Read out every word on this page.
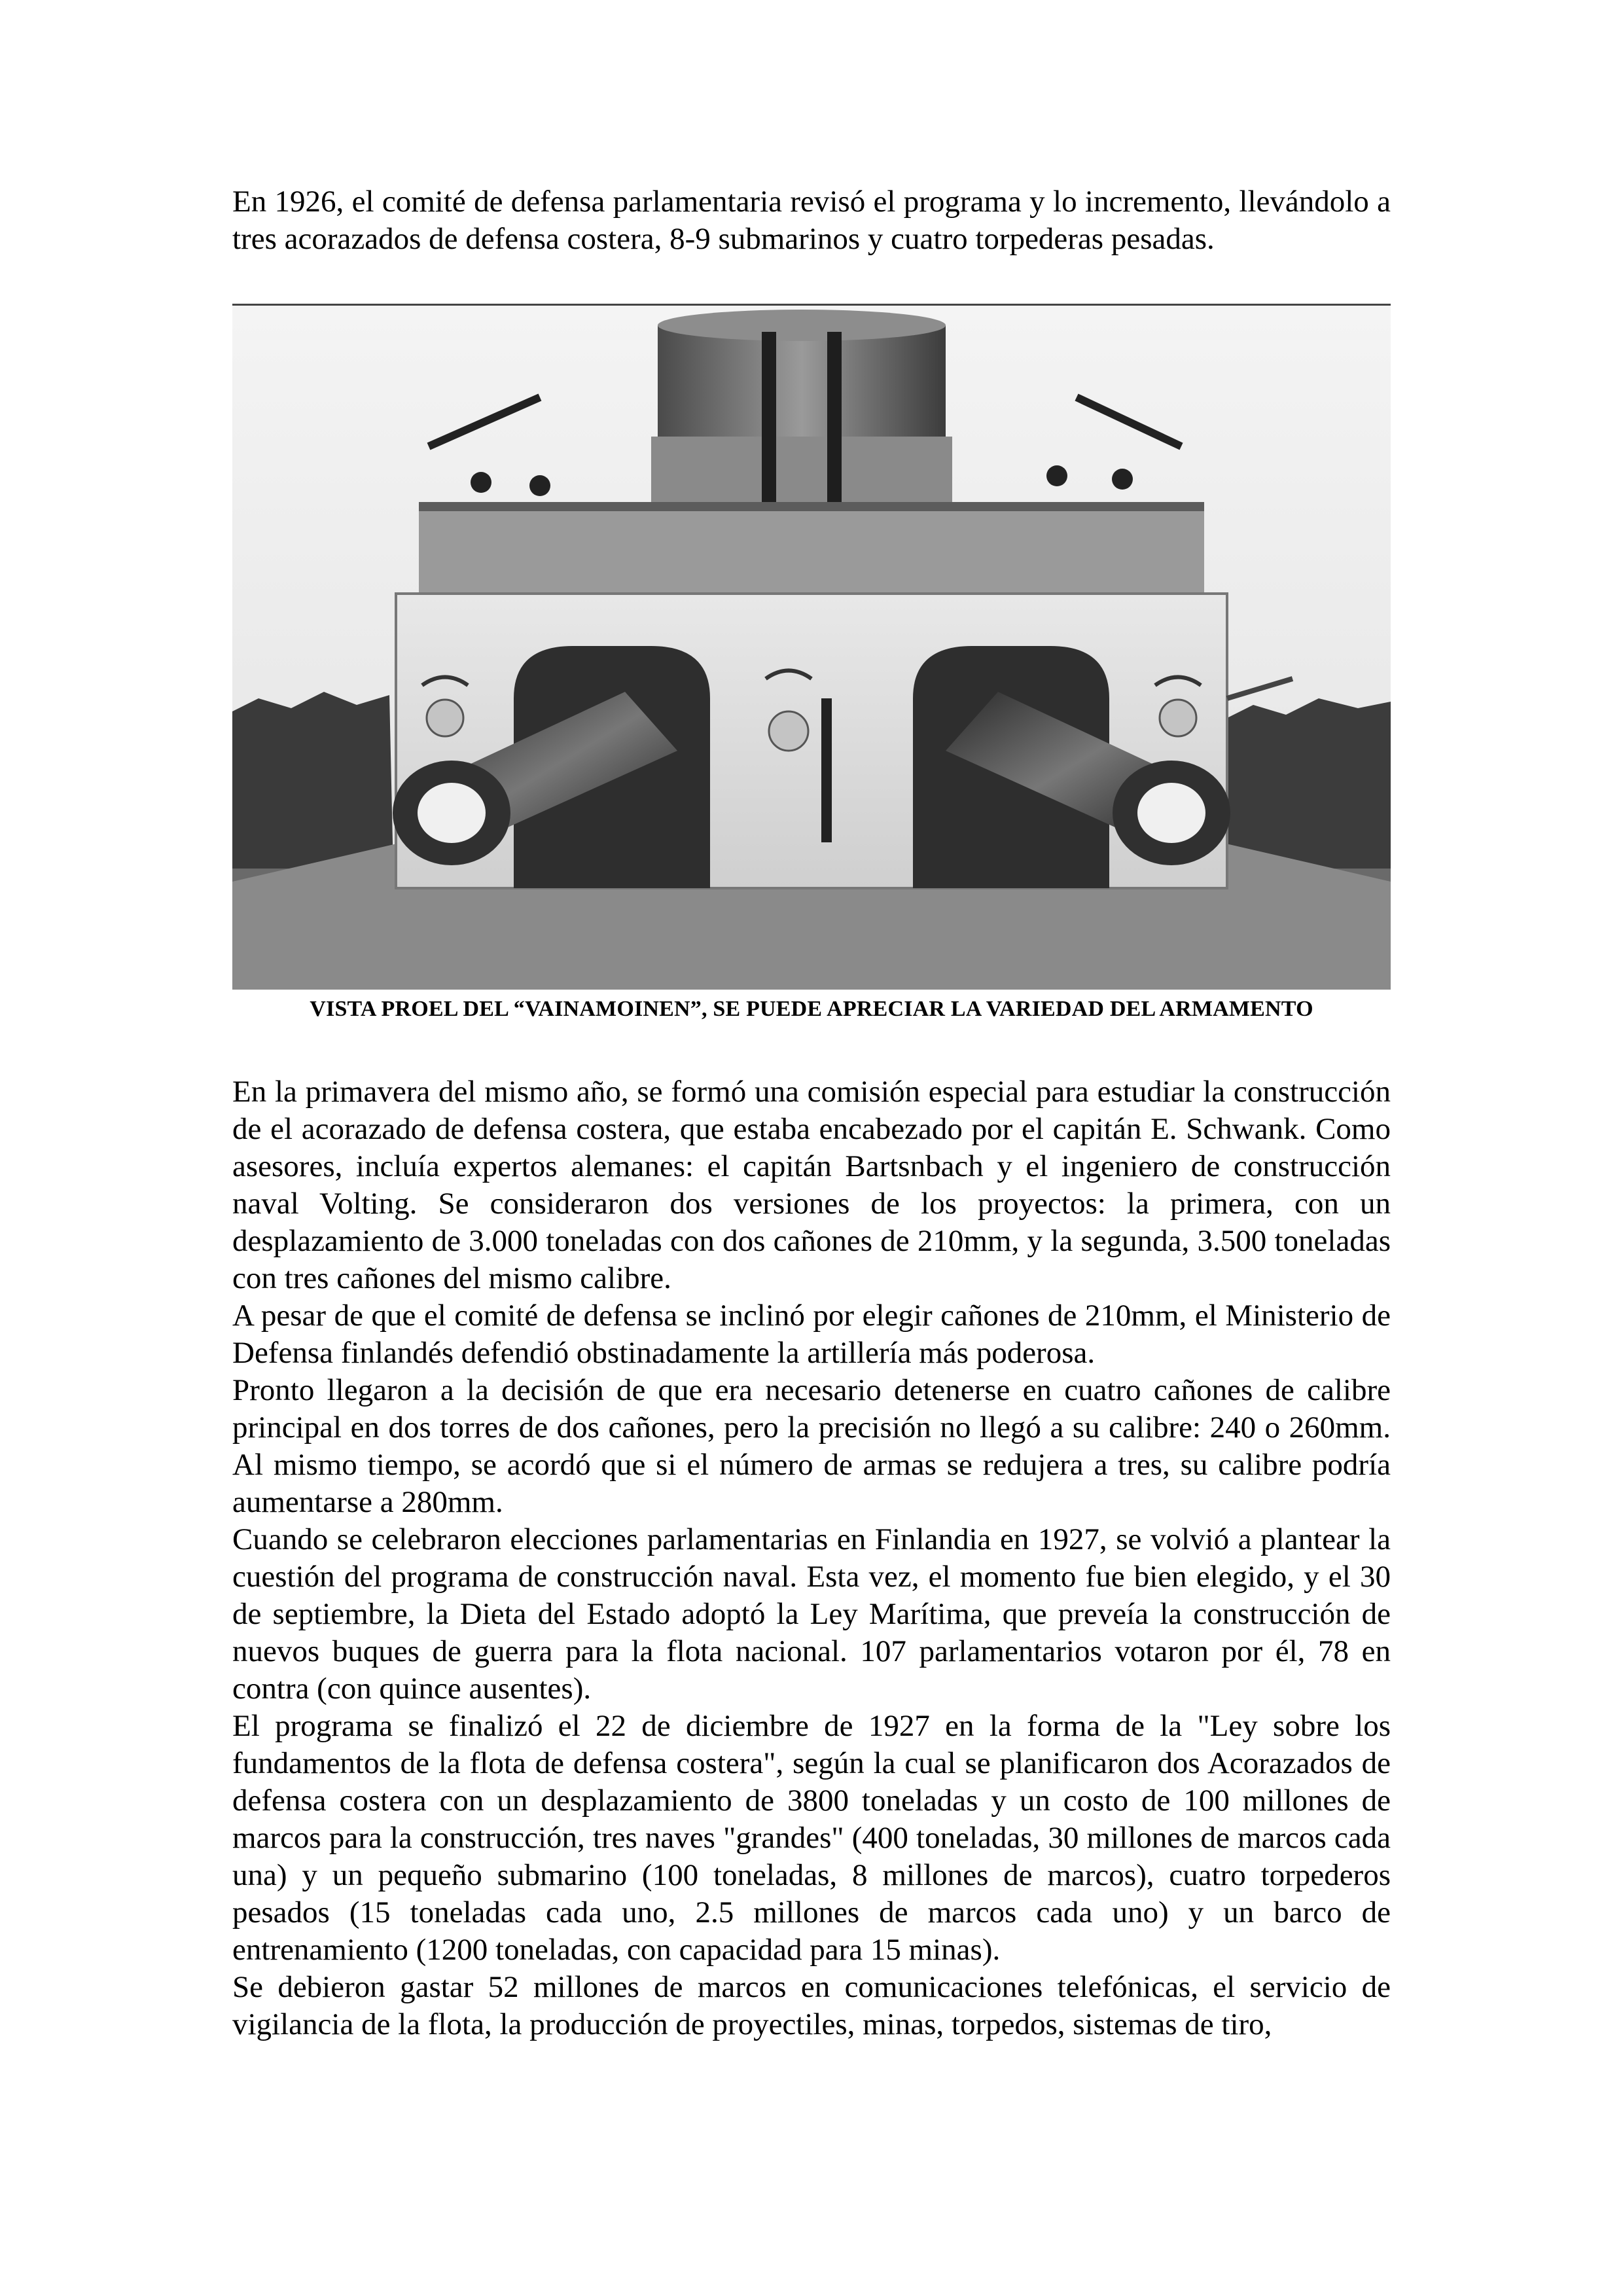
En 1926, el comité de defensa parlamentaria revisó el programa y lo incremento, llevándolo a tres acorazados de defensa costera, 8-9 submarinos y cuatro torpederas pesadas.

VISTA PROEL DEL “VAINAMOINEN”, SE PUEDE APRECIAR LA VARIEDAD DEL ARMAMENTO

En la primavera del mismo año, se formó una comisión especial para estudiar la construcción de el acorazado de defensa costera, que estaba encabezado por el capitán E. Schwank. Como asesores, incluía expertos alemanes: el capitán Bartsnbach y el ingeniero de construcción naval Volting. Se consideraron dos versiones de los proyectos: la primera, con un desplazamiento de 3.000 toneladas con dos cañones de 210mm, y la segunda, 3.500 toneladas con tres cañones del mismo calibre.

A pesar de que el comité de defensa se inclinó por elegir cañones de 210mm, el Ministerio de Defensa finlandés defendió obstinadamente la artillería más poderosa.

Pronto llegaron a la decisión de que era necesario detenerse en cuatro cañones de calibre principal en dos torres de dos cañones, pero la precisión no llegó a su calibre: 240 o 260mm. Al mismo tiempo, se acordó que si el número de armas se redujera a tres, su calibre podría aumentarse a 280mm.

Cuando se celebraron elecciones parlamentarias en Finlandia en 1927, se volvió a plantear la cuestión del programa de construcción naval. Esta vez, el momento fue bien elegido, y el 30 de septiembre, la Dieta del Estado adoptó la Ley Marítima, que preveía la construcción de nuevos buques de guerra para la flota nacional. 107 parlamentarios votaron por él, 78 en contra (con quince ausentes).

El programa se finalizó el 22 de diciembre de 1927 en la forma de la "Ley sobre los fundamentos de la flota de defensa costera", según la cual se planificaron dos Acorazados de defensa costera con un desplazamiento de 3800 toneladas y un costo de 100 millones de marcos para la construcción, tres naves "grandes" (400 toneladas, 30 millones de marcos cada una) y un pequeño submarino (100 toneladas, 8 millones de marcos), cuatro torpederos pesados (15 toneladas cada uno, 2.5 millones de marcos cada uno) y un barco de entrenamiento (1200 toneladas, con capacidad para 15 minas).

Se debieron gastar 52 millones de marcos en comunicaciones telefónicas, el servicio de vigilancia de la flota, la producción de proyectiles, minas, torpedos, sistemas de tiro,
